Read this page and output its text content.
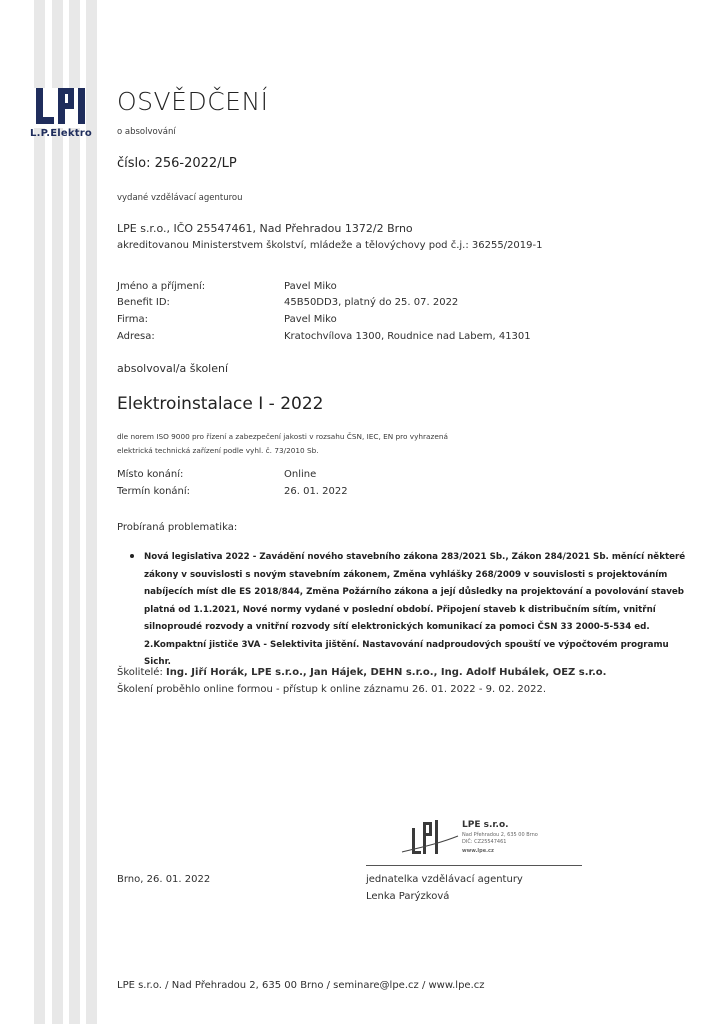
L.P.Elektro
OSVĚDČENÍ
o absolvování
číslo: 256-2022/LP
vydané vzdělávací agenturou
LPE s.r.o., IČO 25547461, Nad Přehradou 1372/2 Brno
akreditovanou Ministerstvem školství, mládeže a tělovýchovy pod č.j.: 36255/2019-1
Jméno a příjmení:	Pavel Miko
Benefit ID:	45B50DD3, platný do 25. 07. 2022
Firma:	Pavel Miko
Adresa:	Kratochvílova 1300, Roudnice nad Labem, 41301
absolvoval/a školení
Elektroinstalace I - 2022
dle norem ISO 9000 pro řízení a zabezpečení jakosti v rozsahu ČSN, IEC, EN pro vyhrazená
elektrická technická zařízení podle vyhl. č. 73/2010 Sb.
Místo konání:	Online
Termín konání:	26. 01. 2022
Probíraná problematika:
Nová legislativa 2022 - Zavádění nového stavebního zákona 283/2021 Sb., Zákon 284/2021 Sb. měnící některé
zákony v souvislosti s novým stavebním zákonem, Změna vyhlášky 268/2009 v souvislosti s projektováním
nabíjecích míst dle ES 2018/844, Změna Požárního zákona a její důsledky na projektování a povolování staveb
platná od 1.1.2021, Nové normy vydané v poslední období. Připojení staveb k distribučním sítím, vnitřní
silnoproudé rozvody a vnitřní rozvody sítí elektronických komunikací za pomoci ČSN 33 2000-5-534 ed.
2.Kompaktní jističe 3VA - Selektivita jištění. Nastavování nadproudových spouští ve výpočtovém programu Sichr.
Školitelé: Ing. Jiří Horák, LPE s.r.o., Jan Hájek, DEHN s.r.o., Ing. Adolf Hubálek, OEZ s.r.o.
Školení proběhlo online formou - přístup k online záznamu 26. 01. 2022 - 9. 02. 2022.
LPE s.r.o.
Nad Přehradou 2, 635 00 Brno
DIČ: CZ25547461
www.lpe.cz
Brno, 26. 01. 2022	jednatelka vzdělávací agentury
Lenka Parýzková
LPE s.r.o. / Nad Přehradou 2, 635 00 Brno / seminare@lpe.cz / www.lpe.cz
